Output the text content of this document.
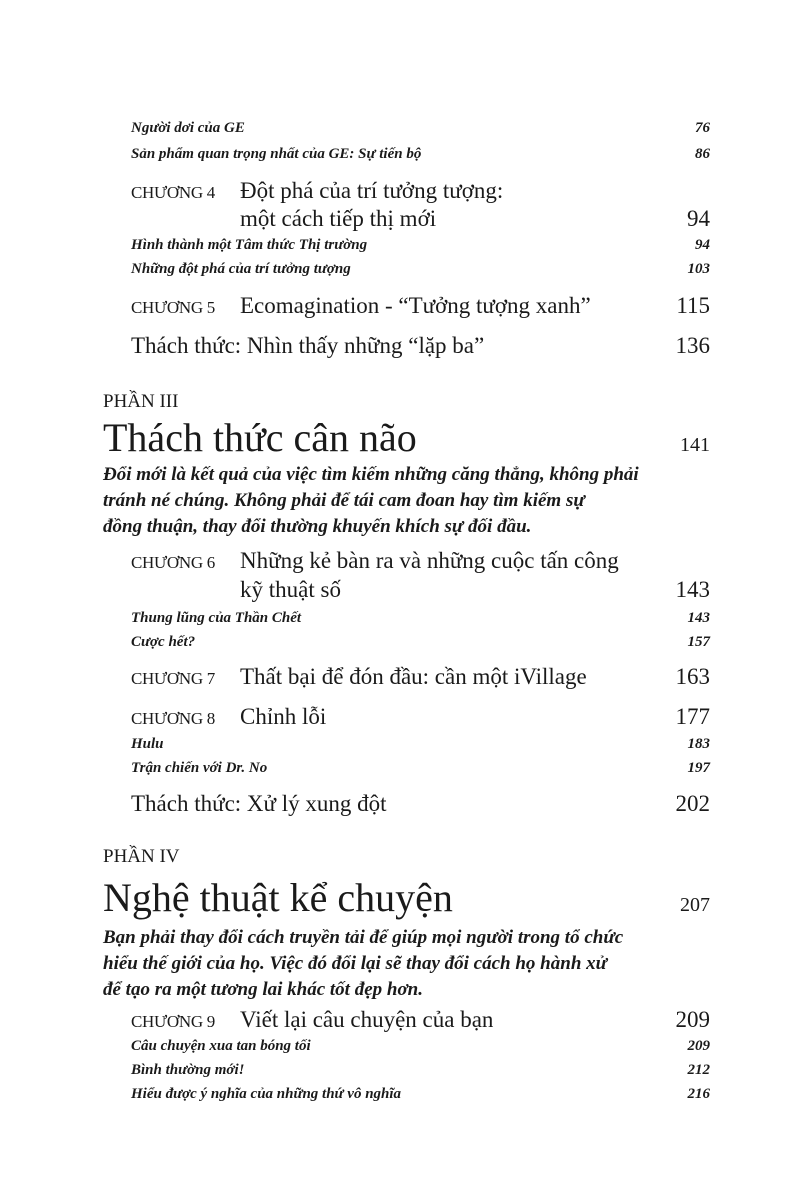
Người dơi của GE	76
Sản phẩm quan trọng nhất của GE: Sự tiến bộ	86
CHƯƠNG 4	Đột phá của trí tưởng tượng:
một cách tiếp thị mới	94
Hình thành một Tâm thức Thị trường	94
Những đột phá của trí tưởng tượng	103
CHƯƠNG 5	Ecomagination - “Tưởng tượng xanh”	115
Thách thức: Nhìn thấy những “lặp ba”	136
PHẦN III
Thách thức cân não	141
Đổi mới là kết quả của việc tìm kiếm những căng thẳng, không phải
tránh né chúng. Không phải để tái cam đoan hay tìm kiếm sự
đồng thuận, thay đổi thường khuyến khích sự đối đầu.
CHƯƠNG 6	Những kẻ bàn ra và những cuộc tấn công
kỹ thuật số	143
Thung lũng của Thần Chết	143
Cược hết?	157
CHƯƠNG 7	Thất bại để đón đầu: cần một iVillage	163
CHƯƠNG 8	Chỉnh lỗi	177
Hulu	183
Trận chiến với Dr. No	197
Thách thức: Xử lý xung đột	202
PHẦN IV
Nghệ thuật kể chuyện	207
Bạn phải thay đổi cách truyền tải để giúp mọi người trong tổ chức
hiểu thế giới của họ. Việc đó đổi lại sẽ thay đổi cách họ hành xử
để tạo ra một tương lai khác tốt đẹp hơn.
CHƯƠNG 9	Viết lại câu chuyện của bạn	209
Câu chuyện xua tan bóng tối	209
Bình thường mới!	212
Hiểu được ý nghĩa của những thứ vô nghĩa	216
